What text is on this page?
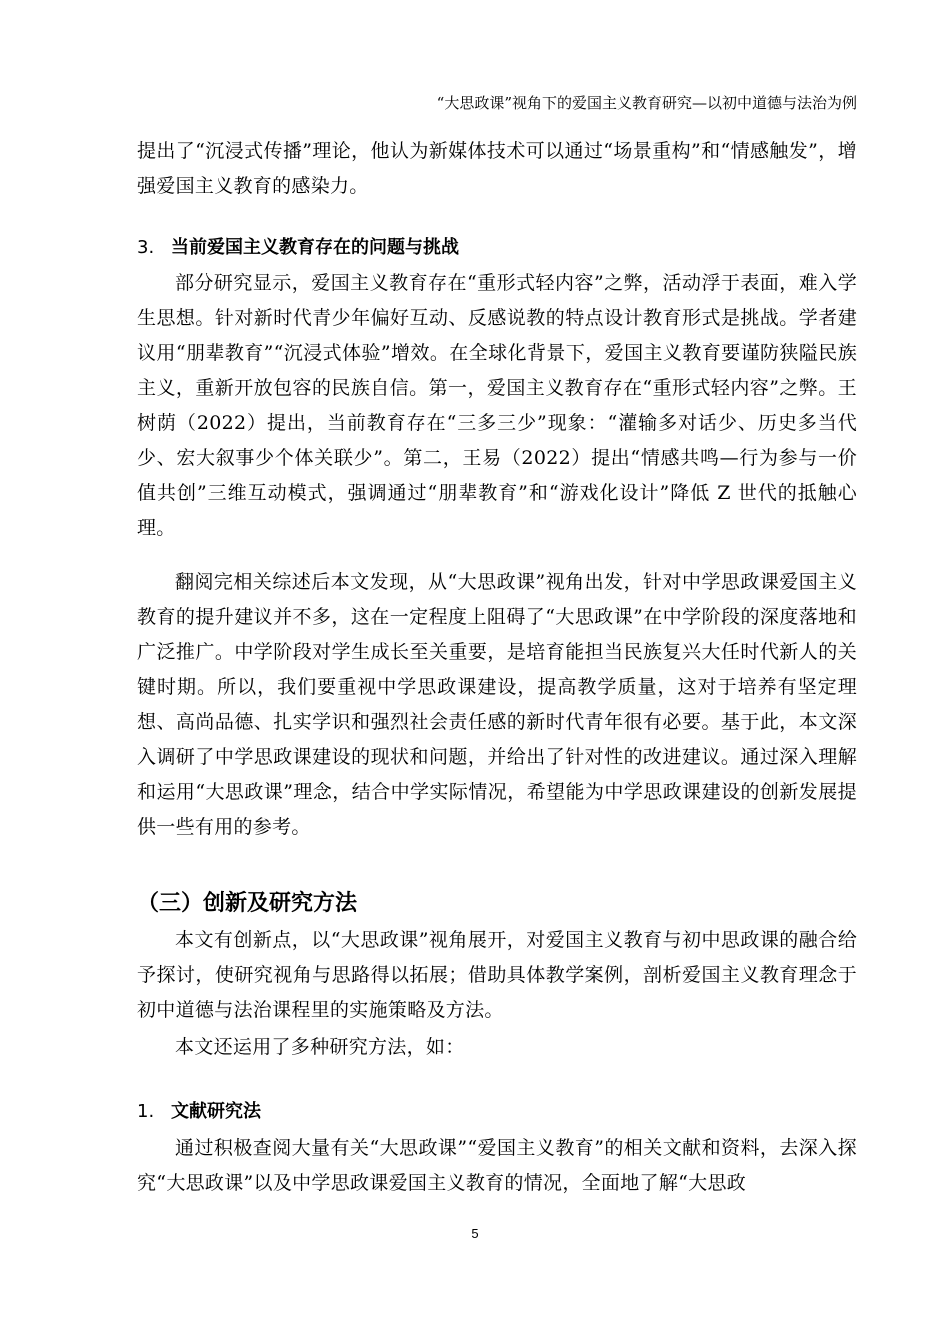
“大思政课”视角下的爱国主义教育研究—以初中道德与法治为例

提出了“沉浸式传播”理论，他认为新媒体技术可以通过“场景重构”和“情感触发”，增强爱国主义教育的感染力。

3. 当前爱国主义教育存在的问题与挑战

部分研究显示，爱国主义教育存在“重形式轻内容”之弊，活动浮于表面，难入学生思想。针对新时代青少年偏好互动、反感说教的特点设计教育形式是挑战。学者建议用“朋辈教育”“沉浸式体验”增效。在全球化背景下，爱国主义教育要谨防狭隘民族主义，重新开放包容的民族自信。第一，爱国主义教育存在“重形式轻内容”之弊。王树荫（2022）提出，当前教育存在“三多三少”现象：“灌输多对话少、历史多当代少、宏大叙事少个体关联少”。第二，王易（2022）提出“情感共鸣—行为参与一价值共创”三维互动模式，强调通过“朋辈教育”和“游戏化设计”降低 Z 世代的抵触心理。

翻阅完相关综述后本文发现，从“大思政课”视角出发，针对中学思政课爱国主义教育的提升建议并不多，这在一定程度上阻碍了“大思政课”在中学阶段的深度落地和广泛推广。中学阶段对学生成长至关重要，是培育能担当民族复兴大任时代新人的关键时期。所以，我们要重视中学思政课建设，提高教学质量，这对于培养有坚定理想、高尚品德、扎实学识和强烈社会责任感的新时代青年很有必要。基于此，本文深入调研了中学思政课建设的现状和问题，并给出了针对性的改进建议。通过深入理解和运用“大思政课”理念，结合中学实际情况，希望能为中学思政课建设的创新发展提供一些有用的参考。

（三）创新及研究方法

本文有创新点，以“大思政课”视角展开，对爱国主义教育与初中思政课的融合给予探讨，使研究视角与思路得以拓展；借助具体教学案例，剖析爱国主义教育理念于初中道德与法治课程里的实施策略及方法。

本文还运用了多种研究方法，如：

1. 文献研究法

通过积极查阅大量有关“大思政课”“爱国主义教育”的相关文献和资料，去深入探究“大思政课”以及中学思政课爱国主义教育的情况，全面地了解“大思政

5
